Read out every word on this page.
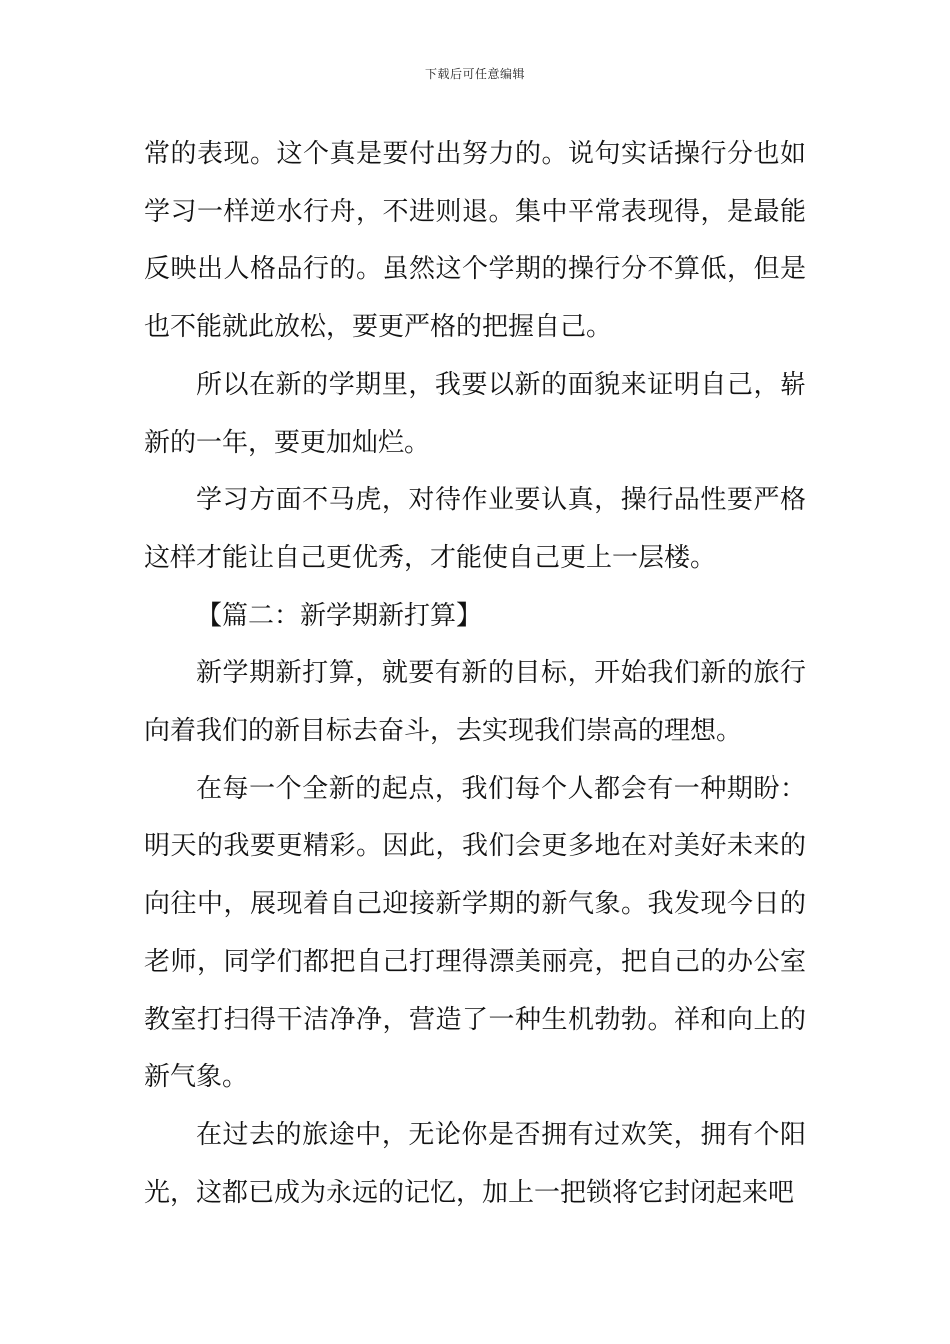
下载后可任意编辑

常的表现。这个真是要付出努力的。说句实话操行分也如学习一样逆水行舟，不进则退。集中平常表现得，是最能反映出人格品行的。虽然这个学期的操行分不算低，但是也不能就此放松，要更严格的把握自己。

所以在新的学期里，我要以新的面貌来证明自己，崭新的一年，要更加灿烂。

学习方面不马虎，对待作业要认真，操行品性要严格这样才能让自己更优秀，才能使自己更上一层楼。

【篇二：新学期新打算】

新学期新打算，就要有新的目标，开始我们新的旅行向着我们的新目标去奋斗，去实现我们崇高的理想。

在每一个全新的起点，我们每个人都会有一种期盼：明天的我要更精彩。因此，我们会更多地在对美好未来的向往中，展现着自己迎接新学期的新气象。我发现今日的老师，同学们都把自己打理得漂美丽亮，把自己的办公室教室打扫得干洁净净，营造了一种生机勃勃。祥和向上的新气象。

在过去的旅途中，无论你是否拥有过欢笑，拥有个阳光，这都已成为永远的记忆，加上一把锁将它封闭起来吧
